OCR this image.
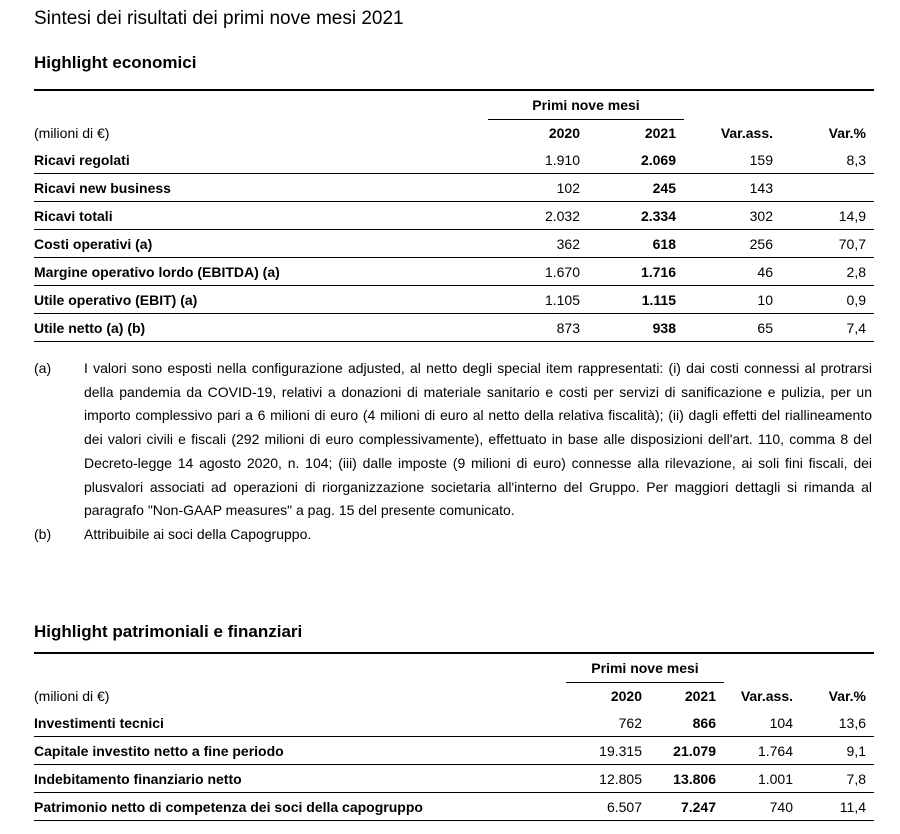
Sintesi dei risultati dei primi nove mesi 2021
Highlight economici
	Primi nove mesi			
(milioni di €)	2020	2021	Var.ass.	Var.%
Ricavi regolati	1.910	2.069	159	8,3
Ricavi new business	102	245	143	
Ricavi totali	2.032	2.334	302	14,9
Costi operativi (a)	362	618	256	70,7
Margine operativo lordo (EBITDA) (a)	1.670	1.716	46	2,8
Utile operativo (EBIT) (a)	1.105	1.115	10	0,9
Utile netto (a) (b)	873	938	65	7,4
(a)	I valori sono esposti nella configurazione adjusted, al netto degli special item rappresentati: (i) dai costi connessi al protrarsi della pandemia da COVID-19, relativi a donazioni di materiale sanitario e costi per servizi di sanificazione e pulizia, per un importo complessivo pari a 6 milioni di euro (4 milioni di euro al netto della relativa fiscalità); (ii) dagli effetti del riallineamento dei valori civili e fiscali (292 milioni di euro complessivamente), effettuato in base alle disposizioni dell'art. 110, comma 8 del Decreto-legge 14 agosto 2020, n. 104; (iii) dalle imposte (9 milioni di euro) connesse alla rilevazione, ai soli fini fiscali, dei plusvalori associati ad operazioni di riorganizzazione societaria all'interno del Gruppo. Per maggiori dettagli si rimanda al paragrafo "Non-GAAP measures" a pag. 15 del presente comunicato.
(b)	Attribuibile ai soci della Capogruppo.
Highlight patrimoniali e finanziari
	Primi nove mesi			
(milioni di €)	2020	2021	Var.ass.	Var.%
Investimenti tecnici	762	866	104	13,6
Capitale investito netto a fine periodo	19.315	21.079	1.764	9,1
Indebitamento finanziario netto	12.805	13.806	1.001	7,8
Patrimonio netto di competenza dei soci della capogruppo	6.507	7.247	740	11,4
